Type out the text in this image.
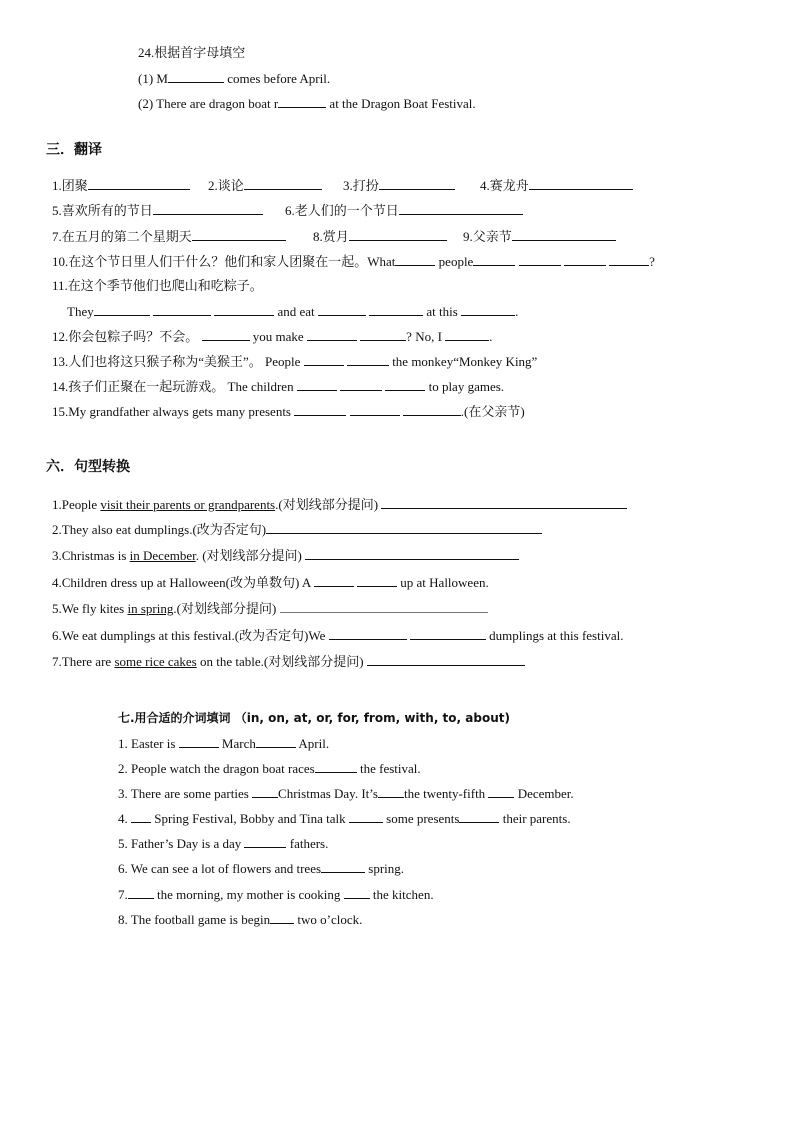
24.根据首字母填空
(1) M	comes before April.
(2) There are dragon boat r	at the Dragon Boat Festival.
三．翻译
1.团聚	2.谈论	3.打扮	4.赛龙舟
5.喜欢所有的节日	6.老人们的一个节日
7.在五月的第二个星期天	8.赏月	9.父亲节
10.在这个节日里人们干什么？他们和家人团聚在一起。What	people	?
11.在这个季节他们也爬山和吃粽子。
They	and eat	at this	.
12.你会包粽子吗？不会。	you make	? No, I	.
13.人们也将这只猴子称为“美猴王”。 People	the monkey“Monkey King”
14.孩子们正聚在一起玩游戏。 The children	to play games.
15.My grandfather always gets many presents	.(在父亲节)
六．句型转换
1.People visit their parents or grandparents.(对划线部分提问)
2.They also eat dumplings.(改为否定句)
3.Christmas is in December. (对划线部分提问)
4.Children dress up at Halloween(改为单数句) A	up at Halloween.
5.We fly kites in spring.(对划线部分提问)
6.We eat dumplings at this festival.(改为否定句)We	dumplings at this festival.
7.There are some rice cakes on the table.(对划线部分提问)
七.用合适的介词填词 （in, on, at, or, for, from, with, to, about)
1. Easter is	March	April.
2. People watch the dragon boat races	the festival.
3. There are some parties Christmas Day. It’s the twenty-fifth  December.
4.  Spring Festival, Bobby and Tina talk	some presents	their parents.
5. Father’s Day is a day	fathers.
6. We can see a lot of flowers and trees	spring.
7. the morning, my mother is cooking  the kitchen.
8. The football game is begin two o’clock.
